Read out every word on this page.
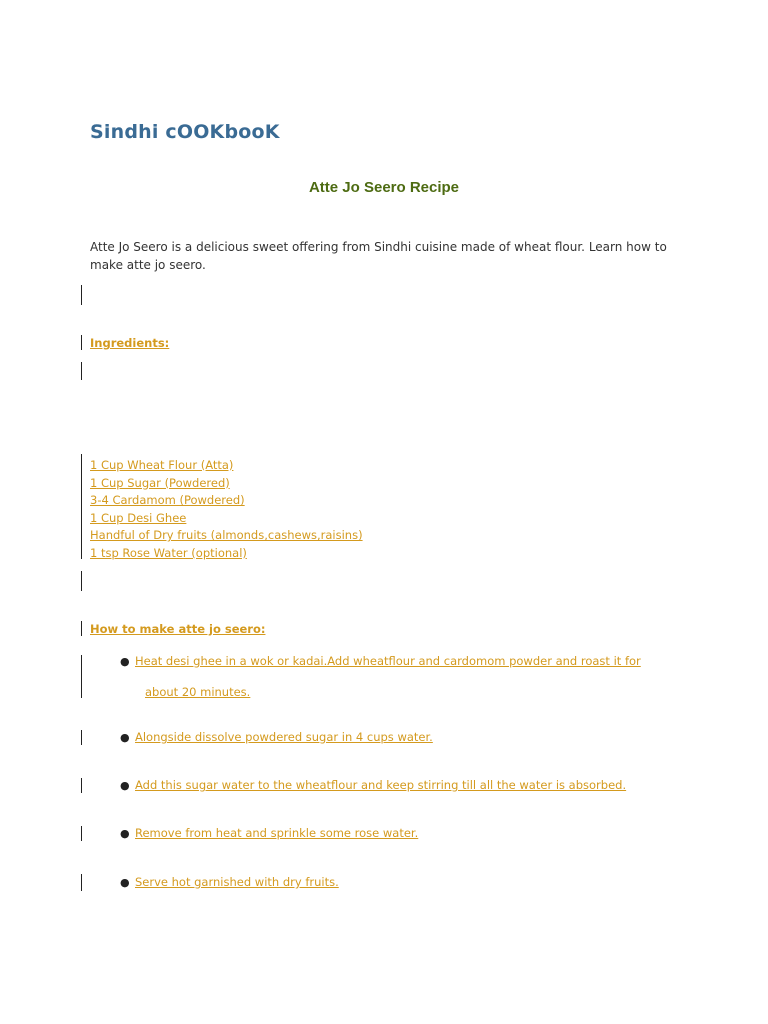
Sindhi cOOKbooK
Atte Jo Seero Recipe

Atte Jo Seero is a delicious sweet offering from Sindhi cuisine made of wheat flour. Learn how to make atte jo seero.

Ingredients:
1 Cup Wheat Flour (Atta)
1 Cup Sugar (Powdered)
3-4 Cardamom (Powdered)
1 Cup Desi Ghee
Handful of Dry fruits (almonds,cashews,raisins)
1 tsp Rose Water (optional)
How to make atte jo seero:
● Heat desi ghee in a wok or kadai.Add wheatflour and cardomom powder and roast it for
about 20 minutes.
● Alongside dissolve powdered sugar in 4 cups water.
● Add this sugar water to the wheatflour and keep stirring till all the water is absorbed.
● Remove from heat and sprinkle some rose water.
● Serve hot garnished with dry fruits.
